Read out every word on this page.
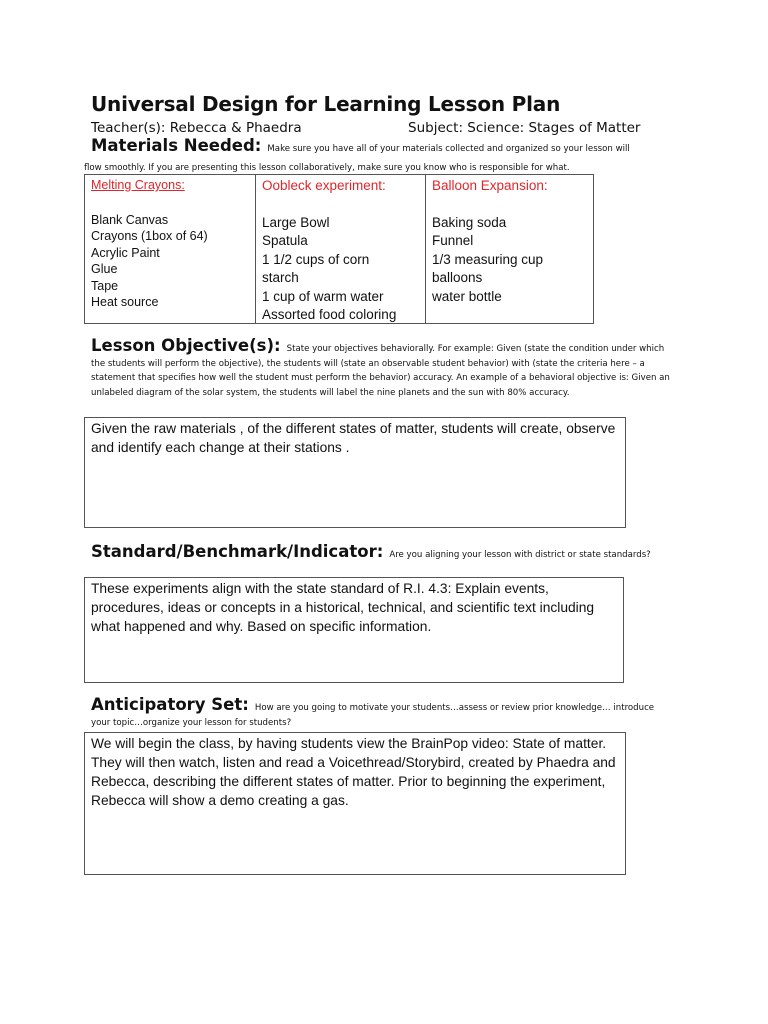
Universal Design for Learning Lesson Plan
Teacher(s): Rebecca & Phaedra	Subject: Science: Stages of Matter
Materials Needed: Make sure you have all of your materials collected and organized so your lesson will
flow smoothly. If you are presenting this lesson collaboratively, make sure you know who is responsible for what.
Melting Crayons:
Blank Canvas
Crayons (1box of 64)
Acrylic Paint
Glue
Tape
Heat source
Oobleck experiment:
Large Bowl
Spatula
1 1/2 cups of corn
starch
1 cup of warm water
Assorted food coloring
Balloon Expansion:
Baking soda
Funnel
1/3 measuring cup
balloons
water bottle
Lesson Objective(s): State your objectives behaviorally. For example: Given (state the condition under which the students will perform the objective), the students will (state an observable student behavior) with (state the criteria here – a statement that specifies how well the student must perform the behavior) accuracy. An example of a behavioral objective is: Given an unlabeled diagram of the solar system, the students will label the nine planets and the sun with 80% accuracy.
Given the raw materials , of the different states of matter, students will create, observe and identify each change at their stations .
Standard/Benchmark/Indicator: Are you aligning your lesson with district or state standards?
These experiments align with the state standard of R.I. 4.3: Explain events, procedures, ideas or concepts in a historical, technical, and scientific text including what happened and why. Based on specific information.
Anticipatory Set: How are you going to motivate your students…assess or review prior knowledge… introduce your topic…organize your lesson for students?
We will begin the class, by having students view the BrainPop video: State of matter. They will then watch, listen and read a Voicethread/Storybird, created by Phaedra and Rebecca, describing the different states of matter. Prior to beginning the experiment, Rebecca will show a demo creating a gas.
